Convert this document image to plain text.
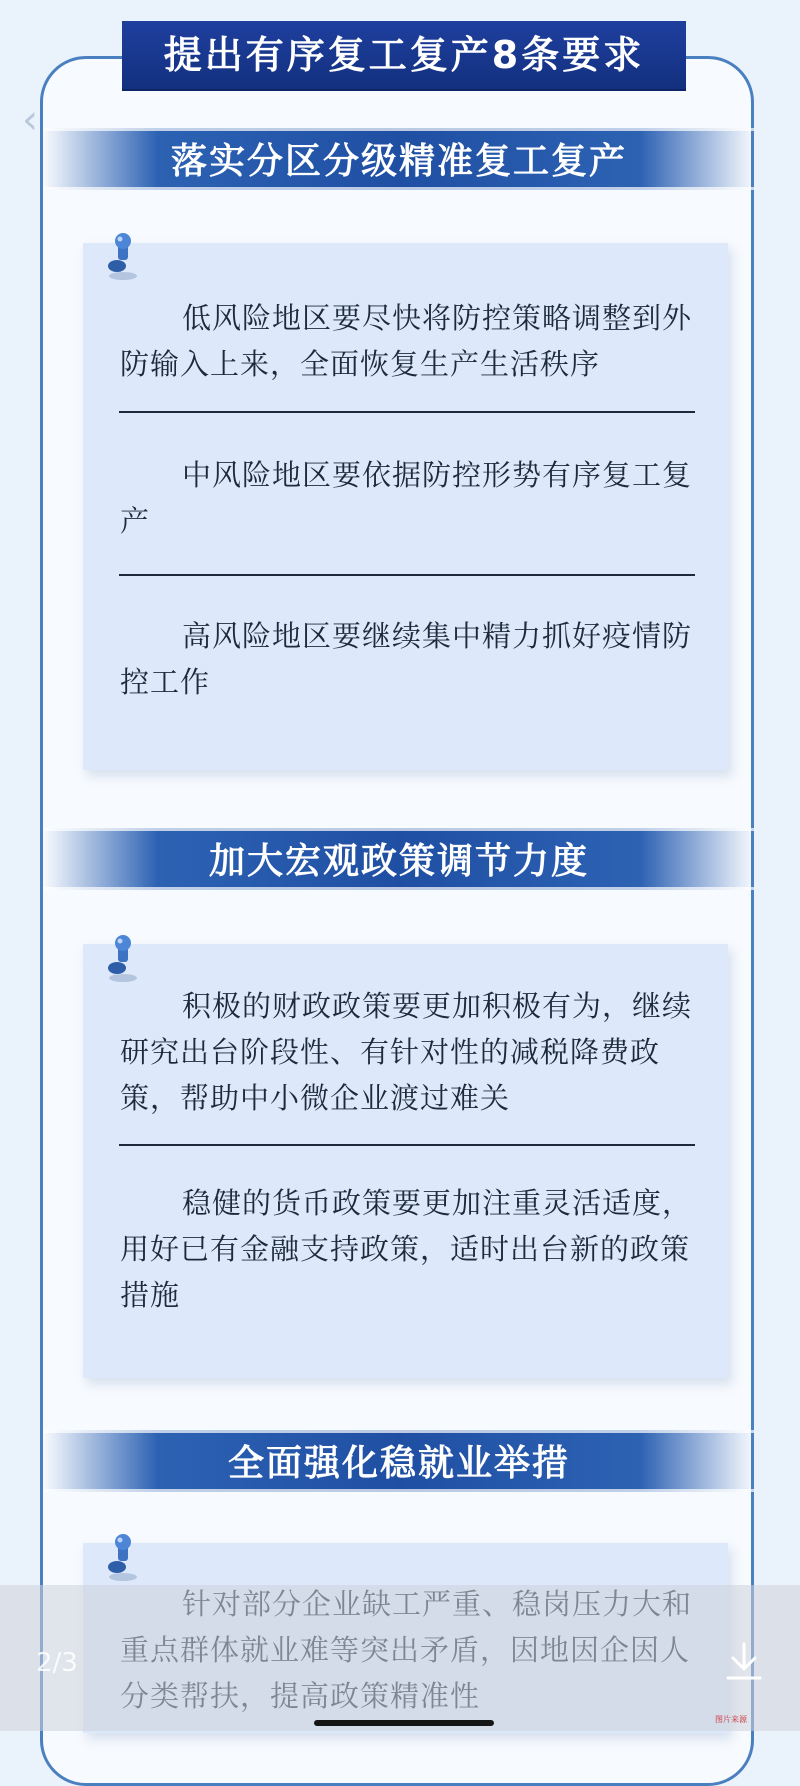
提出有序复工复产8条要求
‹
落实分区分级精准复工复产
低风险地区要尽快将防控策略调整到外防输入上来，全面恢复生产生活秩序
中风险地区要依据防控形势有序复工复产
高风险地区要继续集中精力抓好疫情防控工作
加大宏观政策调节力度
积极的财政政策要更加积极有为，继续研究出台阶段性、有针对性的减税降费政策，帮助中小微企业渡过难关
稳健的货币政策要更加注重灵活适度，用好已有金融支持政策，适时出台新的政策措施
全面强化稳就业举措
2/3
图片来源
